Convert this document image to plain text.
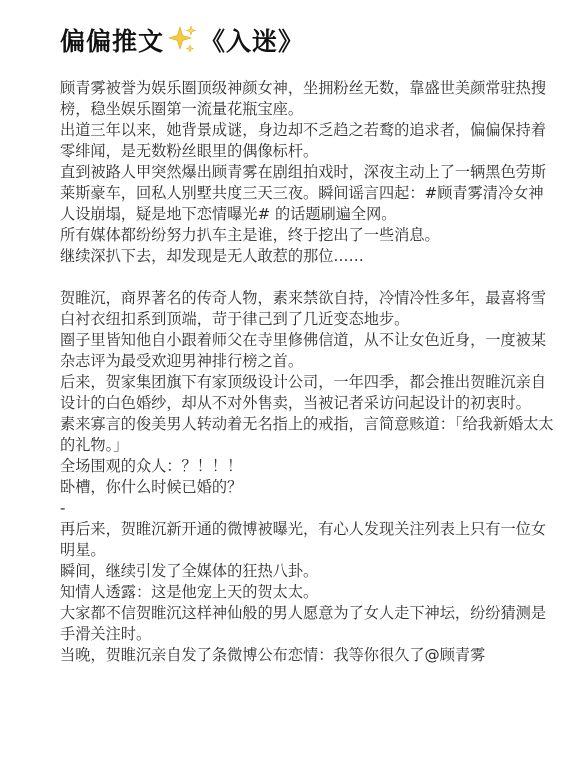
偏偏推文 《入迷》

顾青雾被誉为娱乐圈顶级神颜女神，坐拥粉丝无数，靠盛世美颜常驻热搜榜，稳坐娱乐圈第一流量花瓶宝座。

出道三年以来，她背景成谜，身边却不乏趋之若鹜的追求者，偏偏保持着零绯闻，是无数粉丝眼里的偶像标杆。

直到被路人甲突然爆出顾青雾在剧组拍戏时，深夜主动上了一辆黑色劳斯莱斯豪车，回私人别墅共度三天三夜。瞬间谣言四起：#顾青雾清冷女神人设崩塌，疑是地下恋情曝光# 的话题刷遍全网。

所有媒体都纷纷努力扒车主是谁，终于挖出了一些消息。

继续深扒下去，却发现是无人敢惹的那位……

贺睢沉，商界著名的传奇人物，素来禁欲自持，冷情冷性多年，最喜将雪白衬衣纽扣系到顶端，苛于律己到了几近变态地步。

圈子里皆知他自小跟着师父在寺里修佛信道，从不让女色近身，一度被某杂志评为最受欢迎男神排行榜之首。

后来，贺家集团旗下有家顶级设计公司，一年四季，都会推出贺睢沉亲自设计的白色婚纱，却从不对外售卖，当被记者采访问起设计的初衷时。

素来寡言的俊美男人转动着无名指上的戒指，言简意赅道：「给我新婚太太的礼物。」

全场围观的众人：？！！！

卧槽，你什么时候已婚的？

-

再后来，贺睢沉新开通的微博被曝光，有心人发现关注列表上只有一位女明星。

瞬间，继续引发了全媒体的狂热八卦。

知情人透露：这是他宠上天的贺太太。

大家都不信贺睢沉这样神仙般的男人愿意为了女人走下神坛，纷纷猜测是手滑关注时。

当晚，贺睢沉亲自发了条微博公布恋情：我等你很久了@顾青雾
